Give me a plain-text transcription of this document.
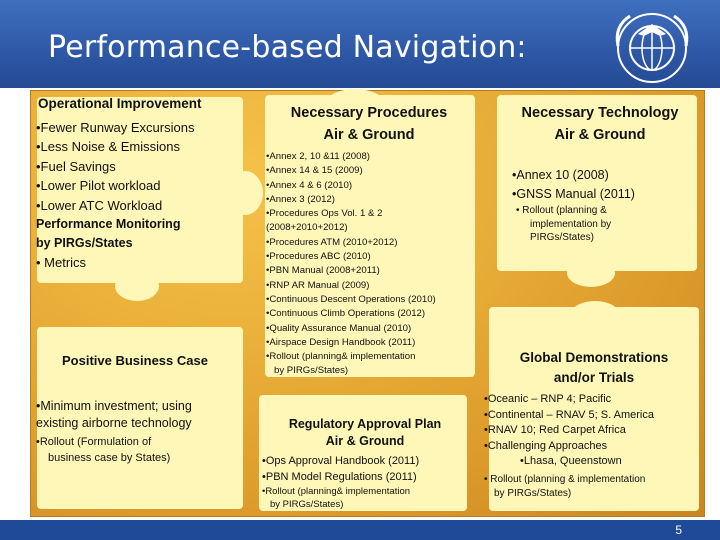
Performance-based Navigation:
Operational Improvement
•Fewer Runway Excursions
•Less Noise & Emissions
•Fuel Savings
•Lower Pilot workload
•Lower ATC Workload
Performance Monitoring
by PIRGs/States
• Metrics
Necessary Procedures
Air & Ground
•Annex 2, 10 &11 (2008)
•Annex 14 & 15 (2009)
•Annex 4 & 6 (2010)
•Annex 3 (2012)
•Procedures Ops Vol. 1 & 2
(2008+2010+2012)
•Procedures ATM (2010+2012)
•Procedures ABC (2010)
•PBN Manual (2008+2011)
•RNP AR Manual (2009)
•Continuous Descent Operations (2010)
•Continuous Climb Operations (2012)
•Quality Assurance Manual (2010)
•Airspace Design Handbook (2011)
•Rollout (planning& implementation
by PIRGs/States)
Necessary Technology
Air & Ground
•Annex 10 (2008)
•GNSS Manual (2011)
• Rollout (planning &
implementation by
PIRGs/States)
Positive Business Case
•Minimum investment; using
existing airborne technology
•Rollout (Formulation of
business case by States)
Regulatory Approval Plan
Air & Ground
•Ops Approval Handbook (2011)
•PBN Model Regulations (2011)
•Rollout (planning& implementation
by PIRGs/States)
Global Demonstrations
and/or Trials
•Oceanic – RNP 4; Pacific
•Continental – RNAV 5; S. America
•RNAV 10; Red Carpet Africa
•Challenging Approaches
•Lhasa, Queenstown
• Rollout (planning & implementation
by PIRGs/States)
5
